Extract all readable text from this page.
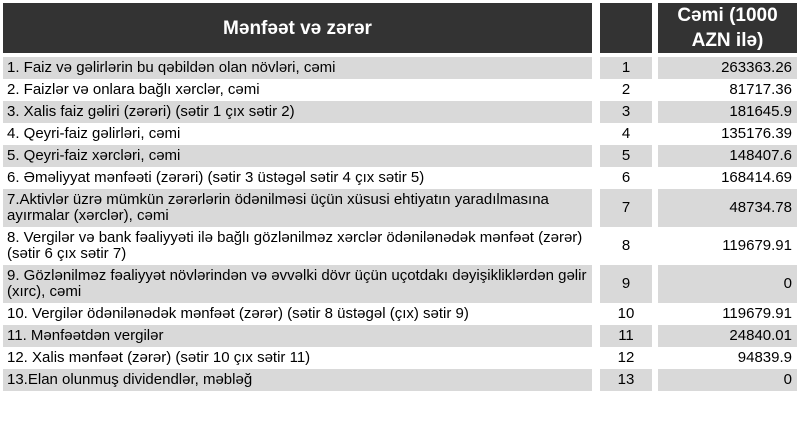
Mənfəət və zərər		Cəmi (1000 AZN ilə)
1. Faiz və gəlirlərin bu qəbildən olan növləri, cəmi	1	263363.26
2. Faizlər və onlara bağlı xərclər, cəmi	2	81717.36
3. Xalis faiz gəliri (zərəri) (sətir 1 çıx sətir 2)	3	181645.9
4. Qeyri-faiz gəlirləri, cəmi	4	135176.39
5. Qeyri-faiz xərcləri, cəmi	5	148407.6
6. Əməliyyat mənfəəti (zərəri) (sətir 3 üstəgəl sətir 4 çıx sətir 5)	6	168414.69
7.Aktivlər üzrə mümkün zərərlərin ödənilməsi üçün xüsusi ehtiyatın yaradılmasına ayırmalar (xərclər), cəmi	7	48734.78
8. Vergilər və bank fəaliyyəti ilə bağlı gözlənilməz xərclər ödənilənədək mənfəət (zərər) (sətir 6 çıx sətir 7)	8	119679.91
9. Gözlənilməz fəaliyyət növlərindən və əvvəlki dövr üçün uçotdakı dəyişikliklərdən gəlir (xırc), cəmi	9	0
10. Vergilər ödənilənədək mənfəət (zərər) (sətir 8 üstəgəl (çıx) sətir 9)	10	119679.91
11. Mənfəətdən vergilər	11	24840.01
12. Xalis mənfəət (zərər) (sətir 10 çıx sətir 11)	12	94839.9
13.Elan olunmuş dividendlər, məbləğ	13	0
